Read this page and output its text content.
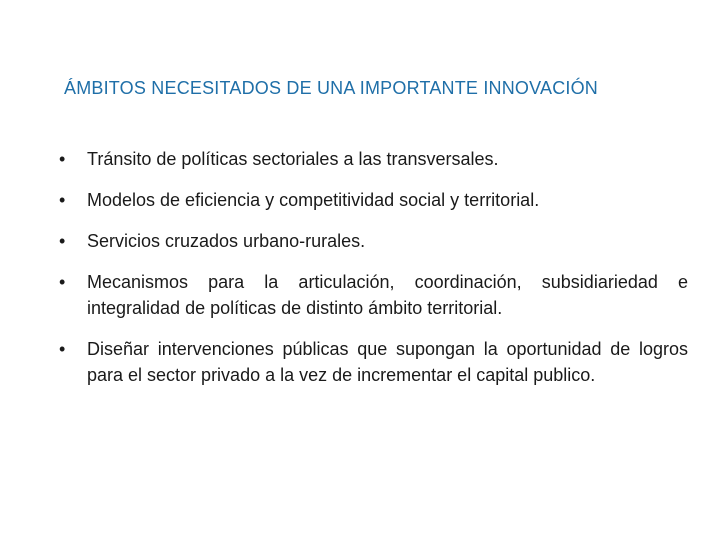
ÁMBITOS NECESITADOS DE UNA IMPORTANTE INNOVACIÓN
•	Tránsito de políticas sectoriales a las transversales.
•	Modelos de eficiencia y competitividad social y territorial.
•	Servicios cruzados urbano-rurales.
•	Mecanismos para la articulación, coordinación, subsidiariedad e integralidad de políticas de distinto ámbito territorial.
•	Diseñar intervenciones públicas que supongan la oportunidad de logros para el sector privado a la vez de incrementar el capital publico.
